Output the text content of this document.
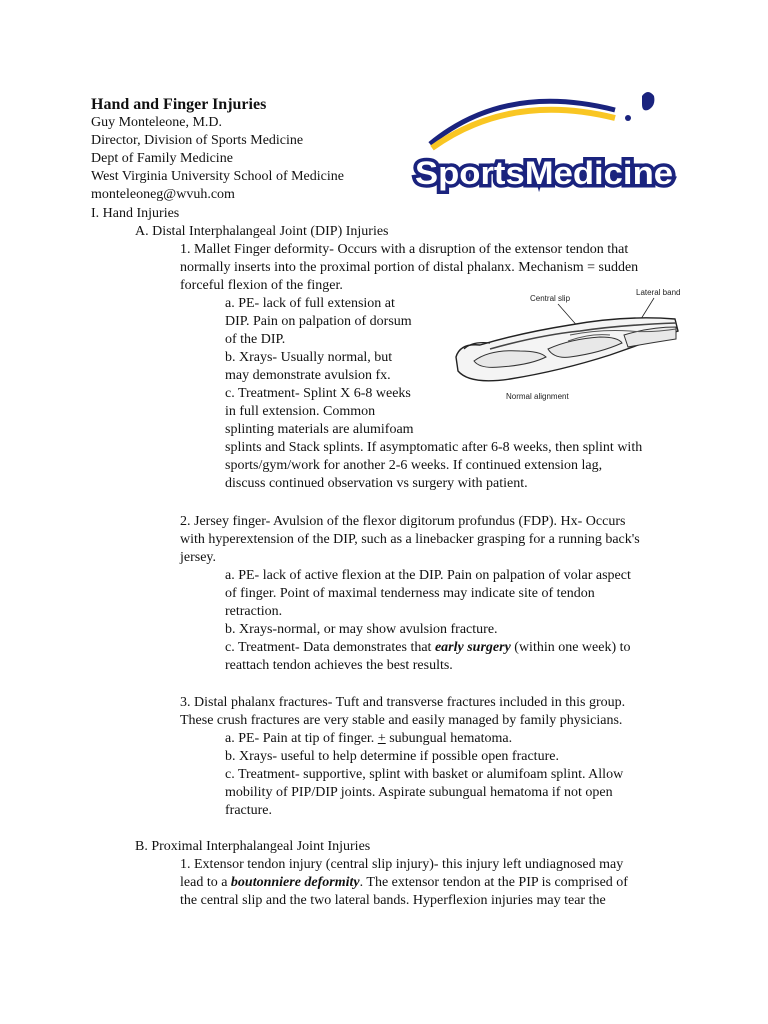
Hand and Finger Injuries
Guy Monteleone, M.D.
Director, Division of Sports Medicine
Dept of Family Medicine
West Virginia University School of Medicine
monteleoneg@wvuh.com
SportsMedicine
I. Hand Injuries
A. Distal Interphalangeal Joint (DIP) Injuries
1. Mallet Finger deformity- Occurs with a disruption of the extensor tendon that
normally inserts into the proximal portion of distal phalanx. Mechanism = sudden
forceful flexion of the finger.
a. PE- lack of full extension at
DIP. Pain on palpation of dorsum
of the DIP.
b. Xrays- Usually normal, but
may demonstrate avulsion fx.
c. Treatment- Splint X 6-8 weeks
in full extension. Common
splinting materials are alumifoam
splints and Stack splints. If asymptomatic after 6-8 weeks, then splint with
sports/gym/work for another 2-6 weeks. If continued extension lag,
discuss continued observation vs surgery with patient.
Central slip
Lateral band
Normal alignment
2. Jersey finger- Avulsion of the flexor digitorum profundus (FDP). Hx- Occurs
with hyperextension of the DIP, such as a linebacker grasping for a running back's
jersey.
a. PE- lack of active flexion at the DIP. Pain on palpation of volar aspect
of finger. Point of maximal tenderness may indicate site of tendon
retraction.
b. Xrays-normal, or may show avulsion fracture.
c. Treatment- Data demonstrates that early surgery (within one week) to
reattach tendon achieves the best results.
3. Distal phalanx fractures- Tuft and transverse fractures included in this group.
These crush fractures are very stable and easily managed by family physicians.
a. PE- Pain at tip of finger. + subungual hematoma.
b. Xrays- useful to help determine if possible open fracture.
c. Treatment- supportive, splint with basket or alumifoam splint. Allow
mobility of PIP/DIP joints. Aspirate subungual hematoma if not open
fracture.
B. Proximal Interphalangeal Joint Injuries
1. Extensor tendon injury (central slip injury)- this injury left undiagnosed may
lead to a boutonniere deformity. The extensor tendon at the PIP is comprised of
the central slip and the two lateral bands. Hyperflexion injuries may tear the
